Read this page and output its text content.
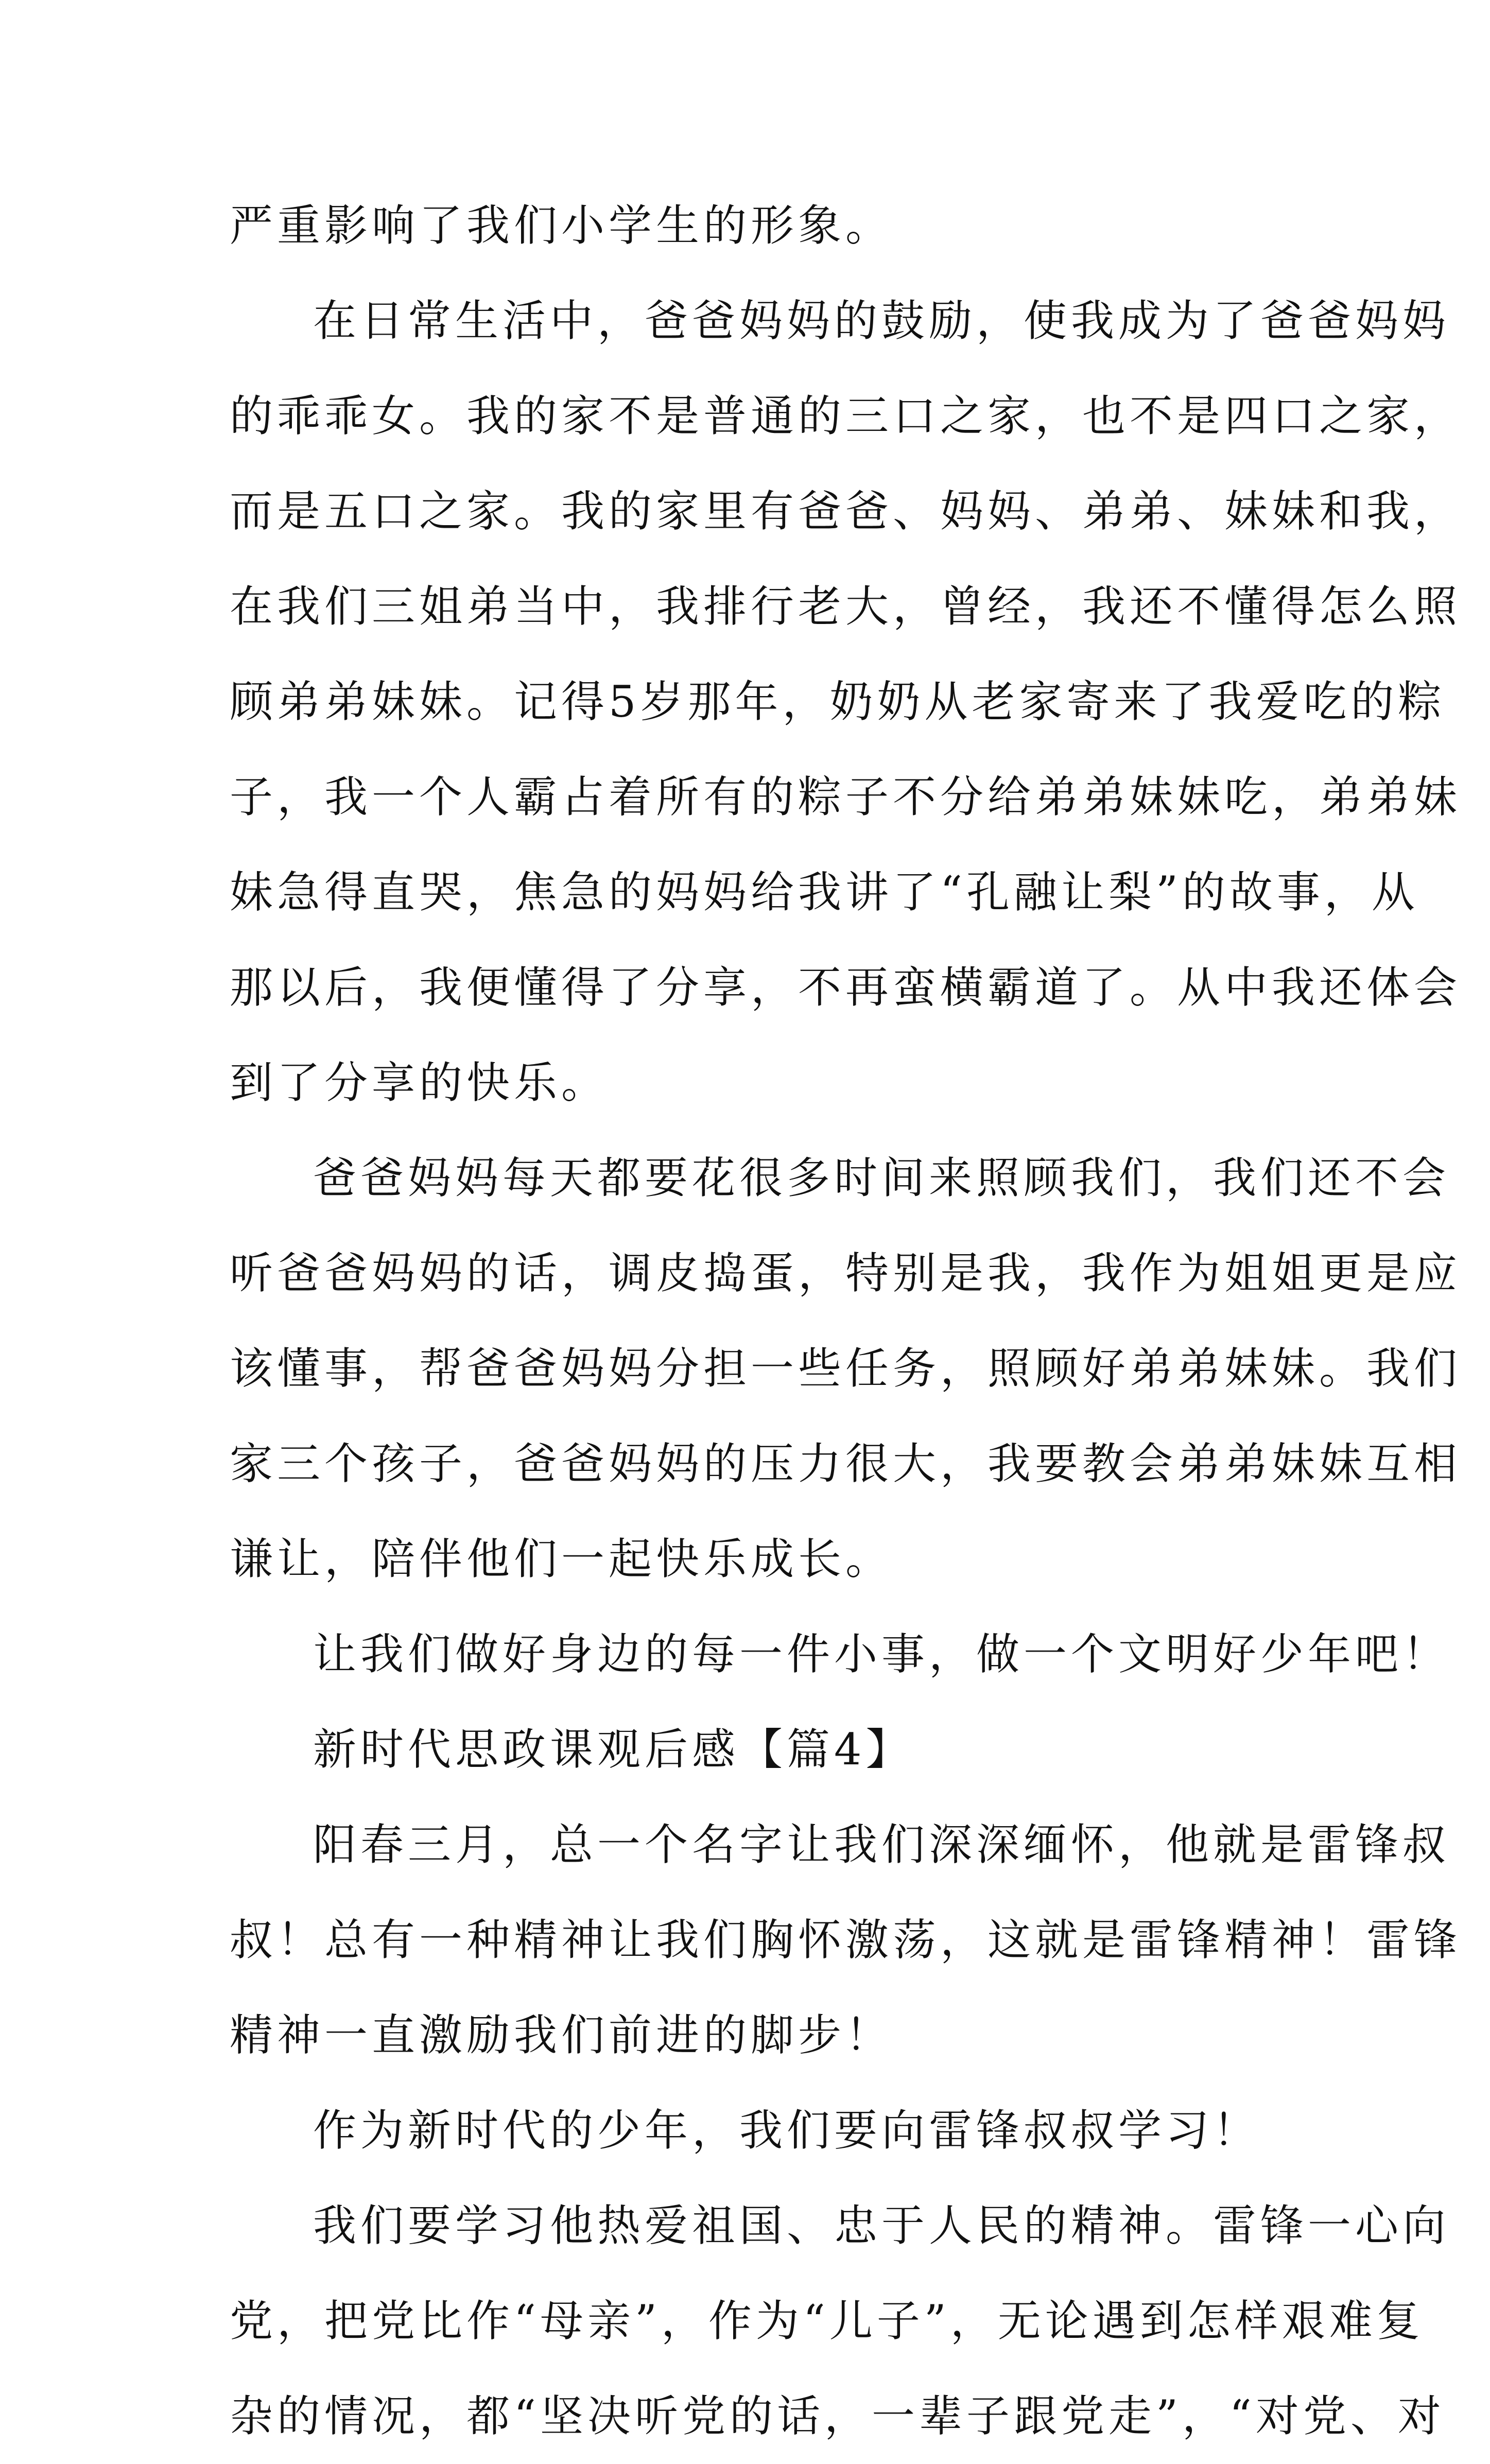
严重影响了我们小学生的形象。
在日常生活中，爸爸妈妈的鼓励，使我成为了爸爸妈妈
的乖乖女。我的家不是普通的三口之家，也不是四口之家，
而是五口之家。我的家里有爸爸、妈妈、弟弟、妹妹和我，
在我们三姐弟当中，我排行老大，曾经，我还不懂得怎么照
顾弟弟妹妹。记得5岁那年，奶奶从老家寄来了我爱吃的粽
子，我一个人霸占着所有的粽子不分给弟弟妹妹吃，弟弟妹
妹急得直哭，焦急的妈妈给我讲了“孔融让梨”的故事，从
那以后，我便懂得了分享，不再蛮横霸道了。从中我还体会
到了分享的快乐。
爸爸妈妈每天都要花很多时间来照顾我们，我们还不会
听爸爸妈妈的话，调皮捣蛋，特别是我，我作为姐姐更是应
该懂事，帮爸爸妈妈分担一些任务，照顾好弟弟妹妹。我们
家三个孩子，爸爸妈妈的压力很大，我要教会弟弟妹妹互相
谦让，陪伴他们一起快乐成长。
让我们做好身边的每一件小事，做一个文明好少年吧！
新时代思政课观后感【篇4】
阳春三月，总一个名字让我们深深缅怀，他就是雷锋叔
叔！总有一种精神让我们胸怀激荡，这就是雷锋精神！雷锋
精神一直激励我们前进的脚步！
作为新时代的少年，我们要向雷锋叔叔学习！
我们要学习他热爱祖国、忠于人民的精神。雷锋一心向
党，把党比作“母亲”，作为“儿子”，无论遇到怎样艰难复
杂的情况，都“坚决听党的话，一辈子跟党走”，“对党、对
